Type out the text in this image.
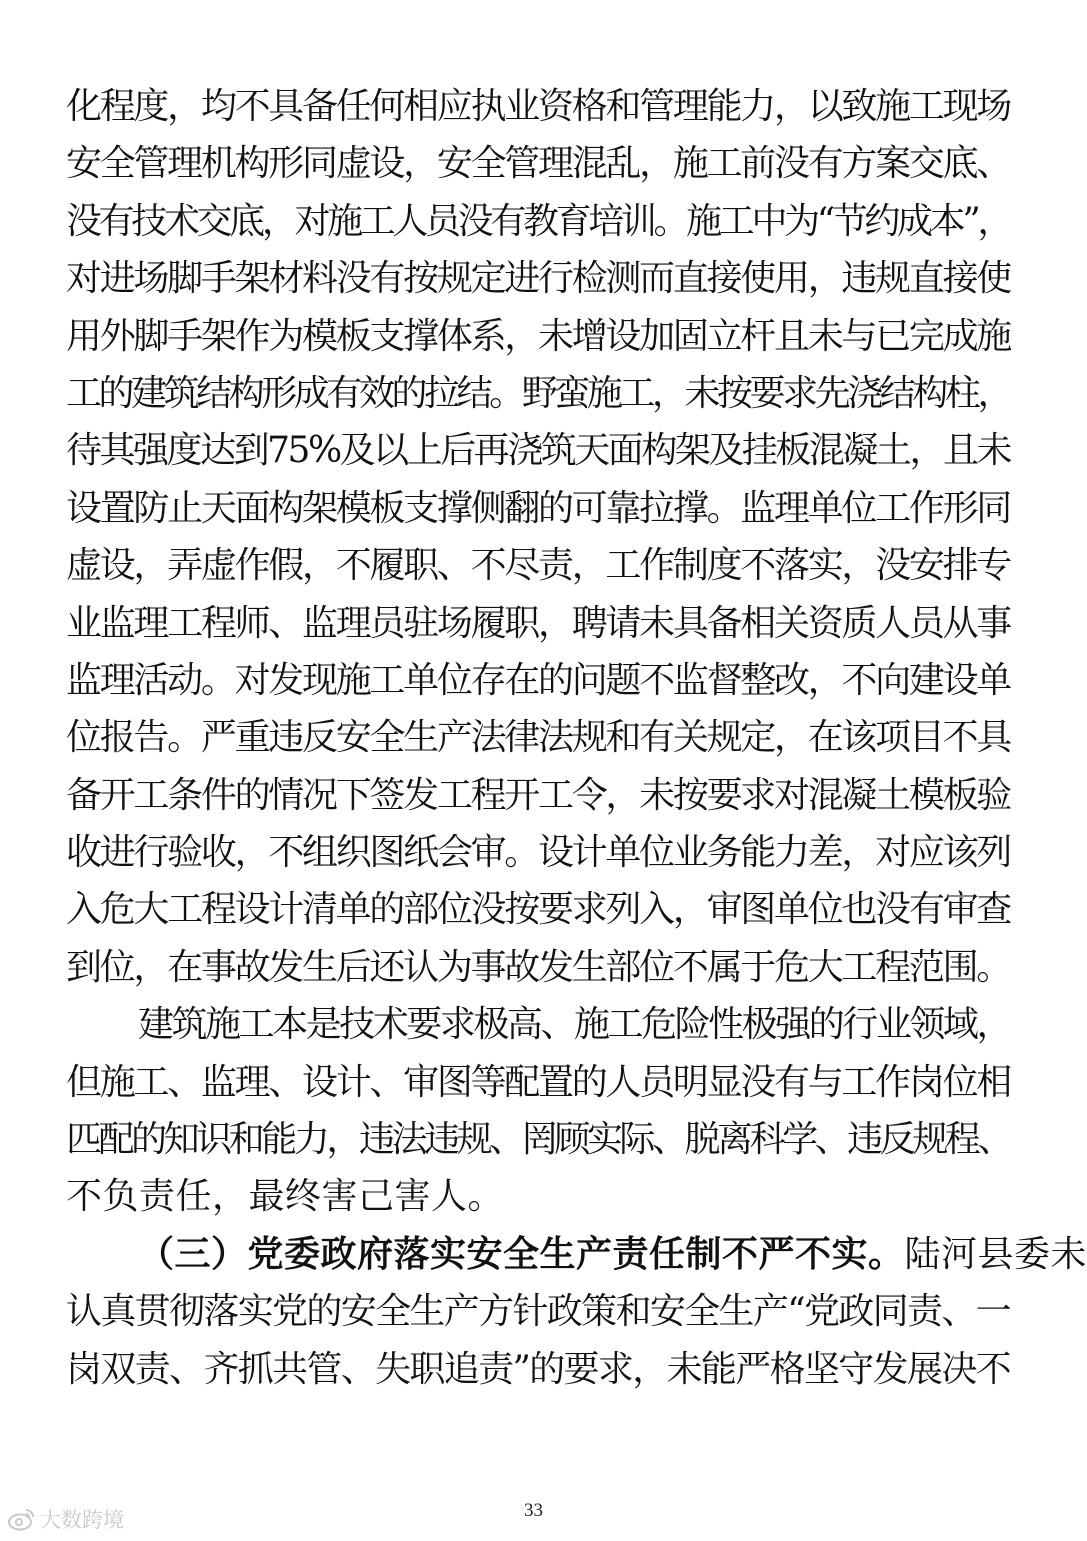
化程度，均不具备任何相应执业资格和管理能力，以致施工现场
安全管理机构形同虚设，安全管理混乱，施工前没有方案交底、
没有技术交底，对施工人员没有教育培训。施工中为“节约成本”，
对进场脚手架材料没有按规定进行检测而直接使用，违规直接使
用外脚手架作为模板支撑体系，未增设加固立杆且未与已完成施
工的建筑结构形成有效的拉结。野蛮施工，未按要求先浇结构柱，
待其强度达到75%及以上后再浇筑天面构架及挂板混凝土，且未
设置防止天面构架模板支撑侧翻的可靠拉撑。监理单位工作形同
虚设，弄虚作假，不履职、不尽责，工作制度不落实，没安排专
业监理工程师、监理员驻场履职，聘请未具备相关资质人员从事
监理活动。对发现施工单位存在的问题不监督整改，不向建设单
位报告。严重违反安全生产法律法规和有关规定，在该项目不具
备开工条件的情况下签发工程开工令，未按要求对混凝土模板验
收进行验收，不组织图纸会审。设计单位业务能力差，对应该列
入危大工程设计清单的部位没按要求列入，审图单位也没有审查
到位，在事故发生后还认为事故发生部位不属于危大工程范围。
建筑施工本是技术要求极高、施工危险性极强的行业领域，
但施工、监理、设计、审图等配置的人员明显没有与工作岗位相
匹配的知识和能力，违法违规、罔顾实际、脱离科学、违反规程、
不负责任，最终害己害人。
（三）党委政府落实安全生产责任制不严不实。陆河县委未
认真贯彻落实党的安全生产方针政策和安全生产“党政同责、一
岗双责、齐抓共管、失职追责”的要求，未能严格坚守发展决不
33
大数跨境
